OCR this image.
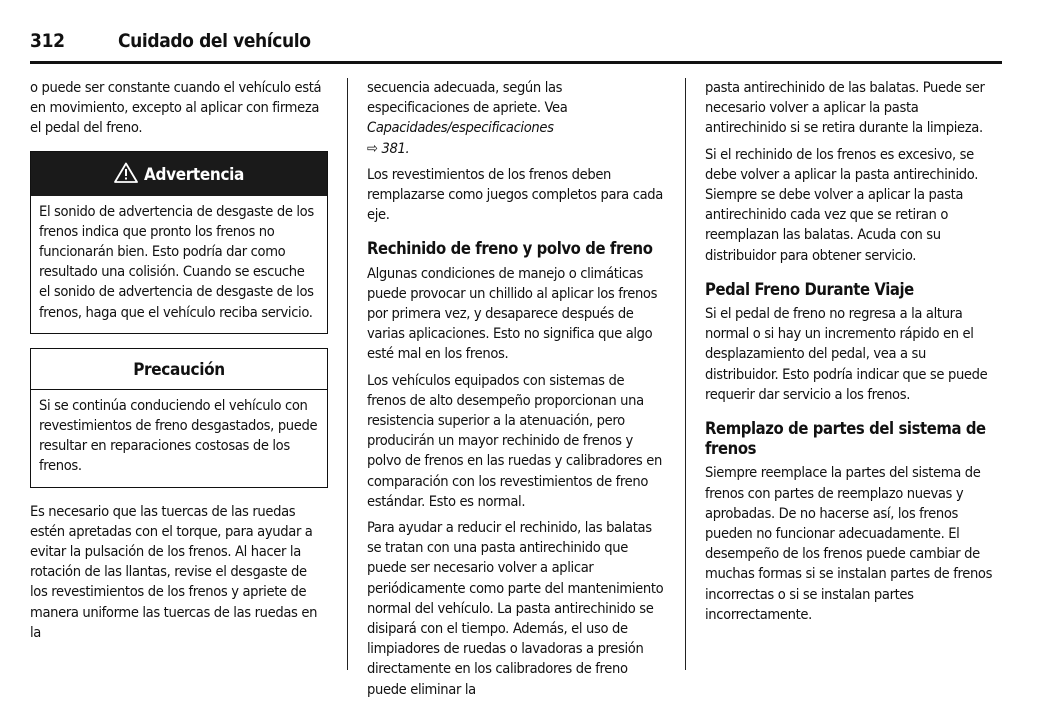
312	Cuidado del vehículo

o puede ser constante cuando el vehículo está en movimiento, excepto al aplicar con firmeza el pedal del freno.

Advertencia
El sonido de advertencia de desgaste de los frenos indica que pronto los frenos no funcionarán bien. Esto podría dar como resultado una colisión. Cuando se escuche el sonido de advertencia de desgaste de los frenos, haga que el vehículo reciba servicio.
Precaución
Si se continúa conduciendo el vehículo con revestimientos de freno desgastados, puede resultar en reparaciones costosas de los frenos.

Es necesario que las tuercas de las ruedas estén apretadas con el torque, para ayudar a evitar la pulsación de los frenos. Al hacer la rotación de las llantas, revise el desgaste de los revestimientos de los frenos y apriete de manera uniforme las tuercas de las ruedas en la

secuencia adecuada, según las especificaciones de apriete. Vea Capacidades/especificaciones
⇨ 381.

Los revestimientos de los frenos deben remplazarse como juegos completos para cada eje.

Rechinido de freno y polvo de freno

Algunas condiciones de manejo o climáticas puede provocar un chillido al aplicar los frenos por primera vez, y desaparece después de varias aplicaciones. Esto no significa que algo esté mal en los frenos.

Los vehículos equipados con sistemas de frenos de alto desempeño proporcionan una resistencia superior a la atenuación, pero producirán un mayor rechinido de frenos y polvo de frenos en las ruedas y calibradores en comparación con los revestimientos de freno estándar. Esto es normal.

Para ayudar a reducir el rechinido, las balatas se tratan con una pasta antirechinido que puede ser necesario volver a aplicar periódicamente como parte del mantenimiento normal del vehículo. La pasta antirechinido se disipará con el tiempo. Además, el uso de limpiadores de ruedas o lavadoras a presión directamente en los calibradores de freno puede eliminar la

pasta antirechinido de las balatas. Puede ser necesario volver a aplicar la pasta antirechinido si se retira durante la limpieza.

Si el rechinido de los frenos es excesivo, se debe volver a aplicar la pasta antirechinido. Siempre se debe volver a aplicar la pasta antirechinido cada vez que se retiran o reemplazan las balatas. Acuda con su distribuidor para obtener servicio.

Pedal Freno Durante Viaje

Si el pedal de freno no regresa a la altura normal o si hay un incremento rápido en el desplazamiento del pedal, vea a su distribuidor. Esto podría indicar que se puede requerir dar servicio a los frenos.

Remplazo de partes del sistema de frenos

Siempre reemplace la partes del sistema de frenos con partes de reemplazo nuevas y aprobadas. De no hacerse así, los frenos pueden no funcionar adecuadamente. El desempeño de los frenos puede cambiar de muchas formas si se instalan partes de frenos incorrectas o si se instalan partes incorrectamente.
